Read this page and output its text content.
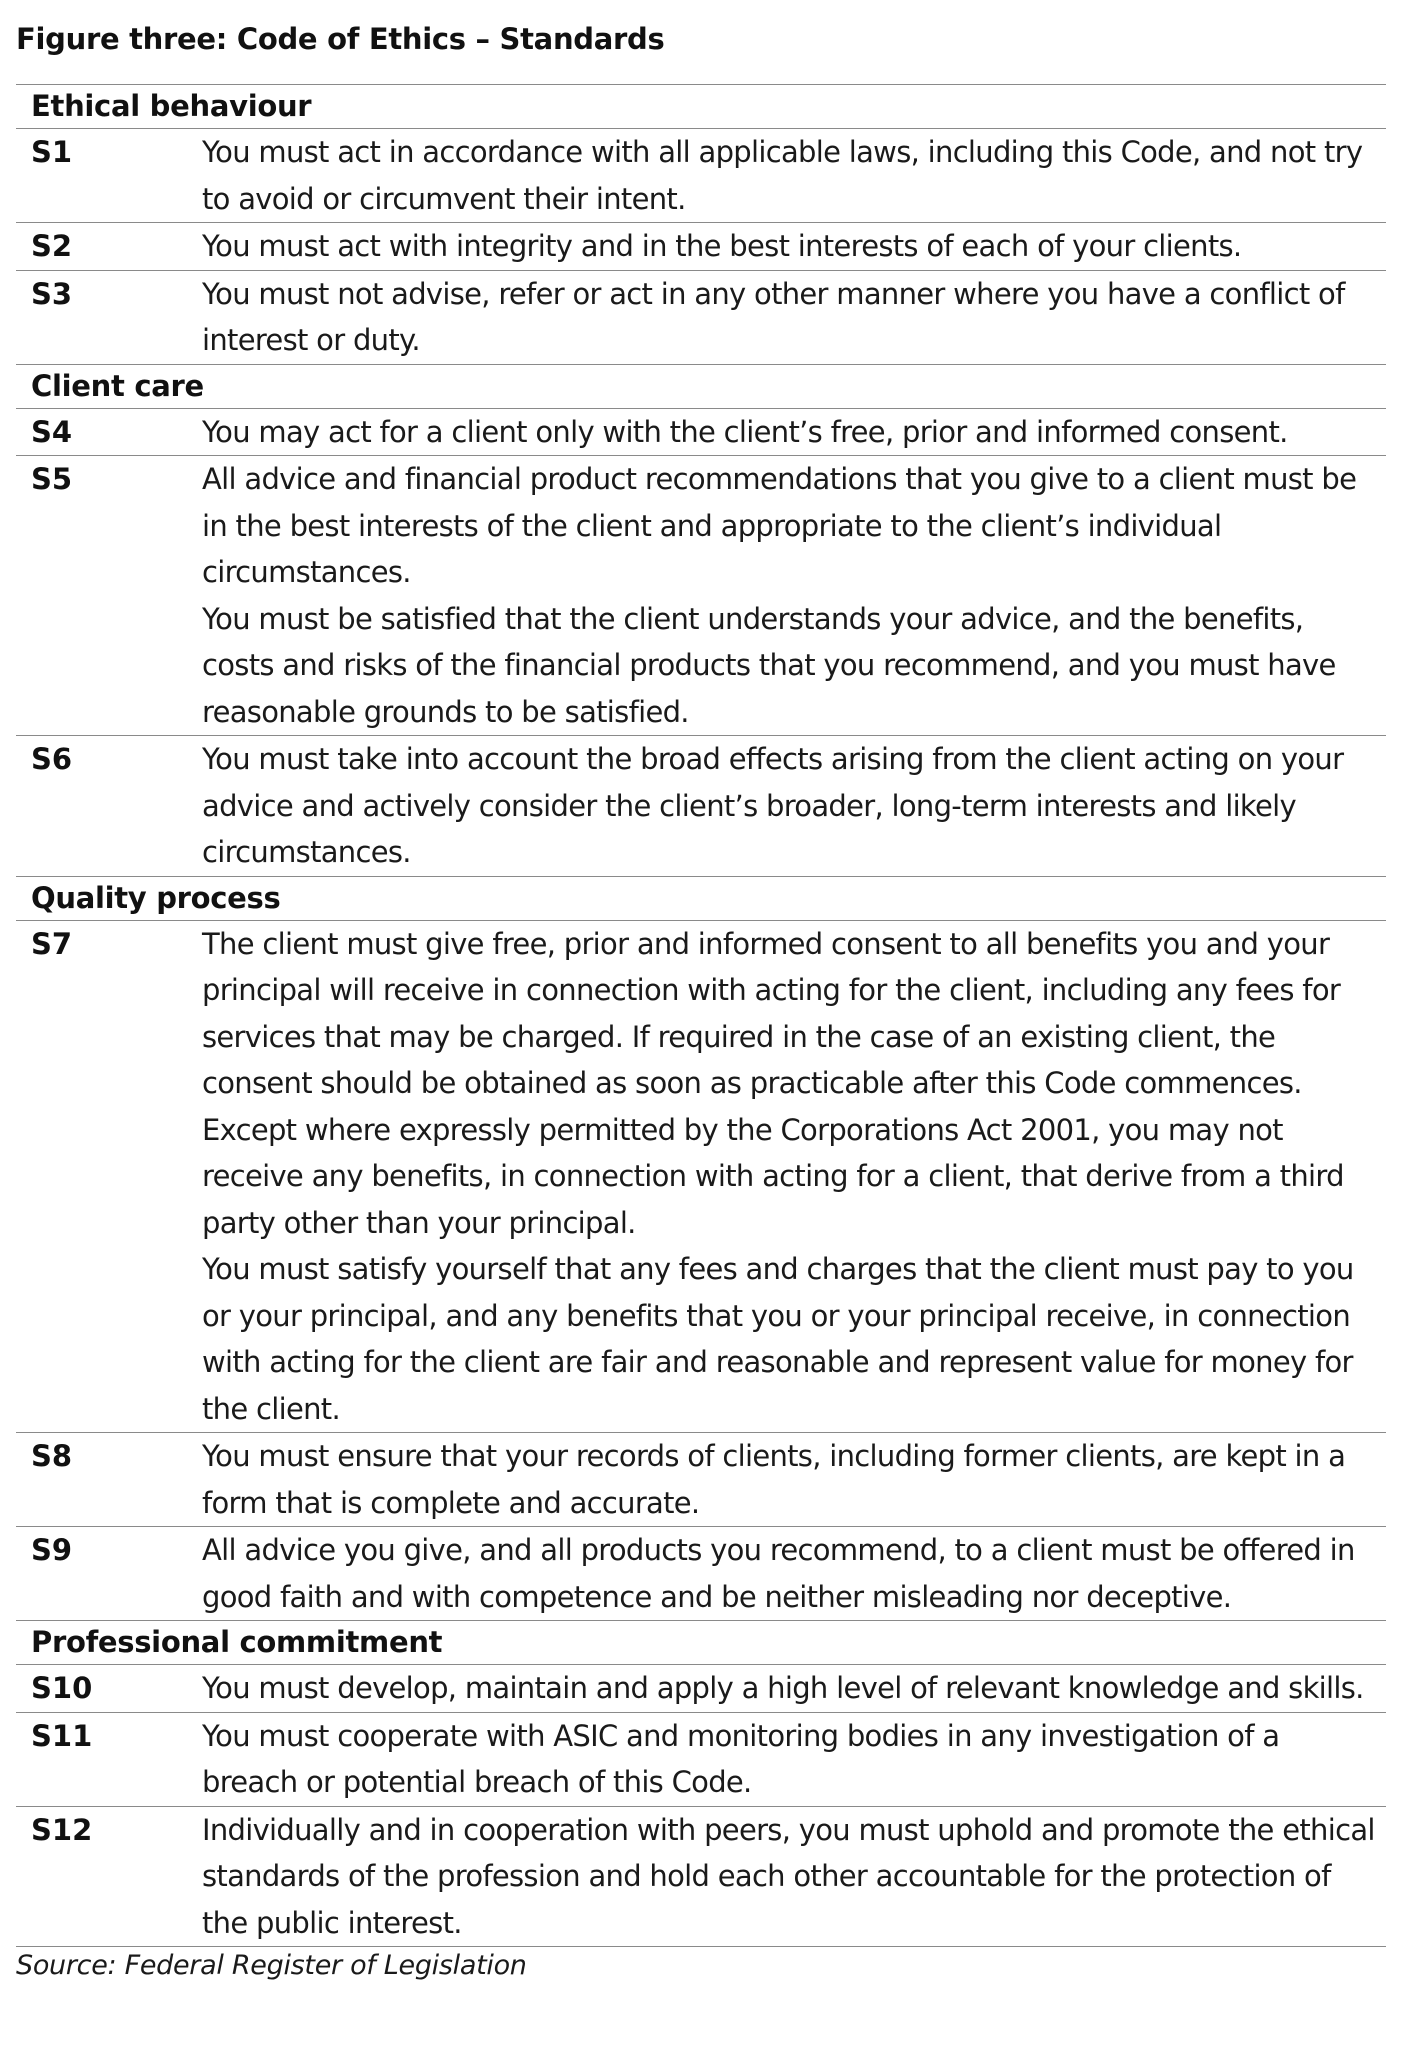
Figure three: Code of Ethics – Standards
Ethical behaviour
S1	You must act in accordance with all applicable laws, including this Code, and not try to avoid or circumvent their intent.

S2	You must act with integrity and in the best interests of each of your clients.

S3	You must not advise, refer or act in any other manner where you have a conflict of interest or duty.

Client care
S4	You may act for a client only with the client’s free, prior and informed consent.

S5	All advice and financial product recommendations that you give to a client must be in the best interests of the client and appropriate to the client’s individual circumstances.

You must be satisfied that the client understands your advice, and the benefits, costs and risks of the financial products that you recommend, and you must have reasonable grounds to be satisfied.

S6	You must take into account the broad effects arising from the client acting on your advice and actively consider the client’s broader, long-term interests and likely circumstances.

Quality process
S7	The client must give free, prior and informed consent to all benefits you and your principal will receive in connection with acting for the client, including any fees for services that may be charged. If required in the case of an existing client, the consent should be obtained as soon as practicable after this Code commences.

Except where expressly permitted by the Corporations Act 2001, you may not receive any benefits, in connection with acting for a client, that derive from a third party other than your principal.

You must satisfy yourself that any fees and charges that the client must pay to you or your principal, and any benefits that you or your principal receive, in connection with acting for the client are fair and reasonable and represent value for money for the client.

S8	You must ensure that your records of clients, including former clients, are kept in a form that is complete and accurate.

S9	All advice you give, and all products you recommend, to a client must be offered in good faith and with competence and be neither misleading nor deceptive.

Professional commitment
S10	You must develop, maintain and apply a high level of relevant knowledge and skills.

S11	You must cooperate with ASIC and monitoring bodies in any investigation of a breach or potential breach of this Code.

S12	Individually and in cooperation with peers, you must uphold and promote the ethical standards of the profession and hold each other accountable for the protection of the public interest.

Source: Federal Register of Legislation
